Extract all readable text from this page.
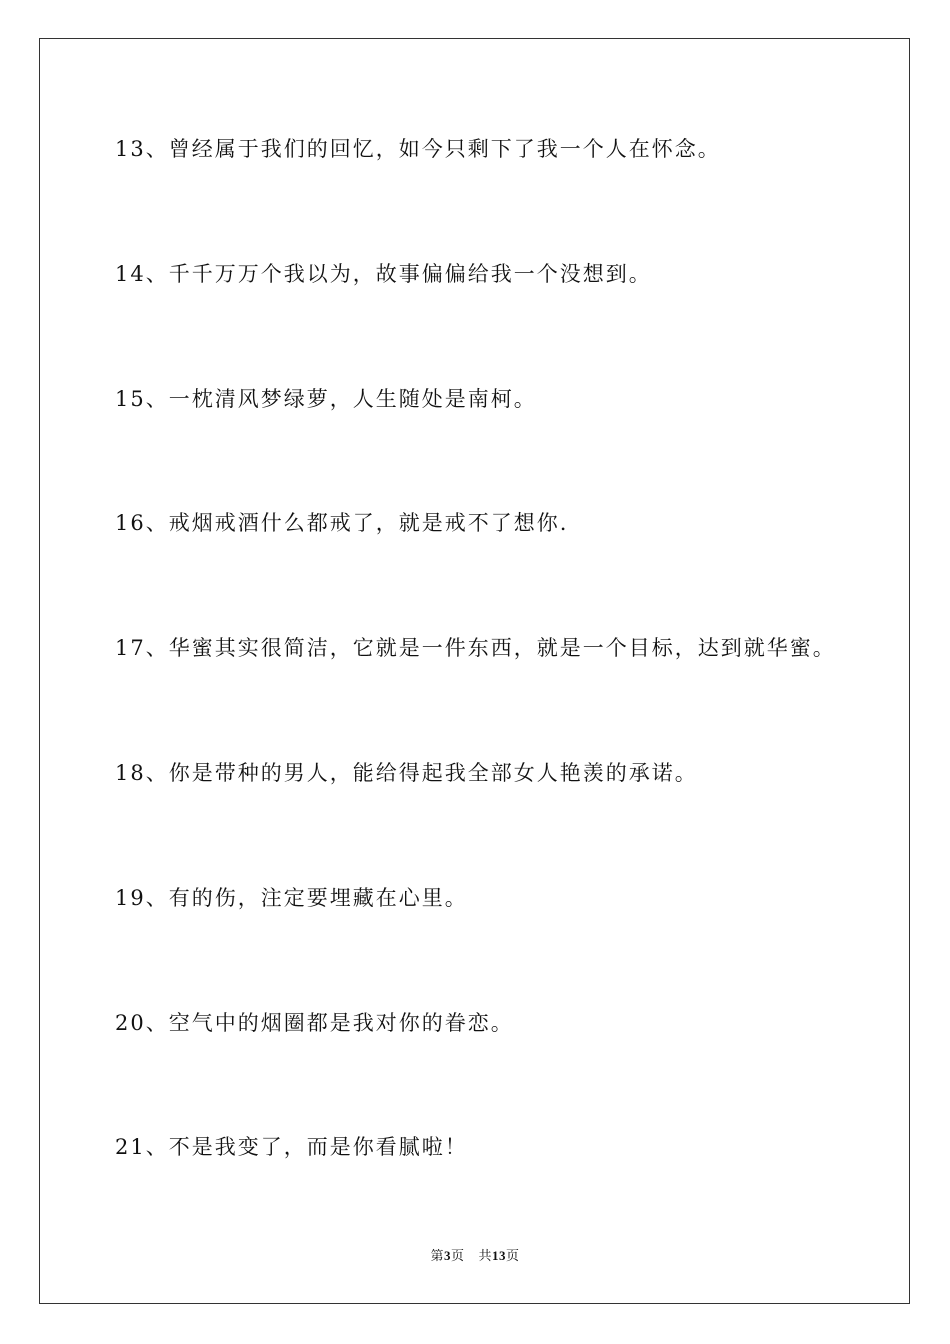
13、曾经属于我们的回忆，如今只剩下了我一个人在怀念。
14、千千万万个我以为，故事偏偏给我一个没想到。
15、一枕清风梦绿萝，人生随处是南柯。
16、戒烟戒酒什么都戒了，就是戒不了想你.
17、华蜜其实很简洁，它就是一件东西，就是一个目标，达到就华蜜。
18、你是带种的男人，能给得起我全部女人艳羡的承诺。
19、有的伤，注定要埋藏在心里。
20、空气中的烟圈都是我对你的眷恋。
21、不是我变了，而是你看腻啦！
第3页 共13页
